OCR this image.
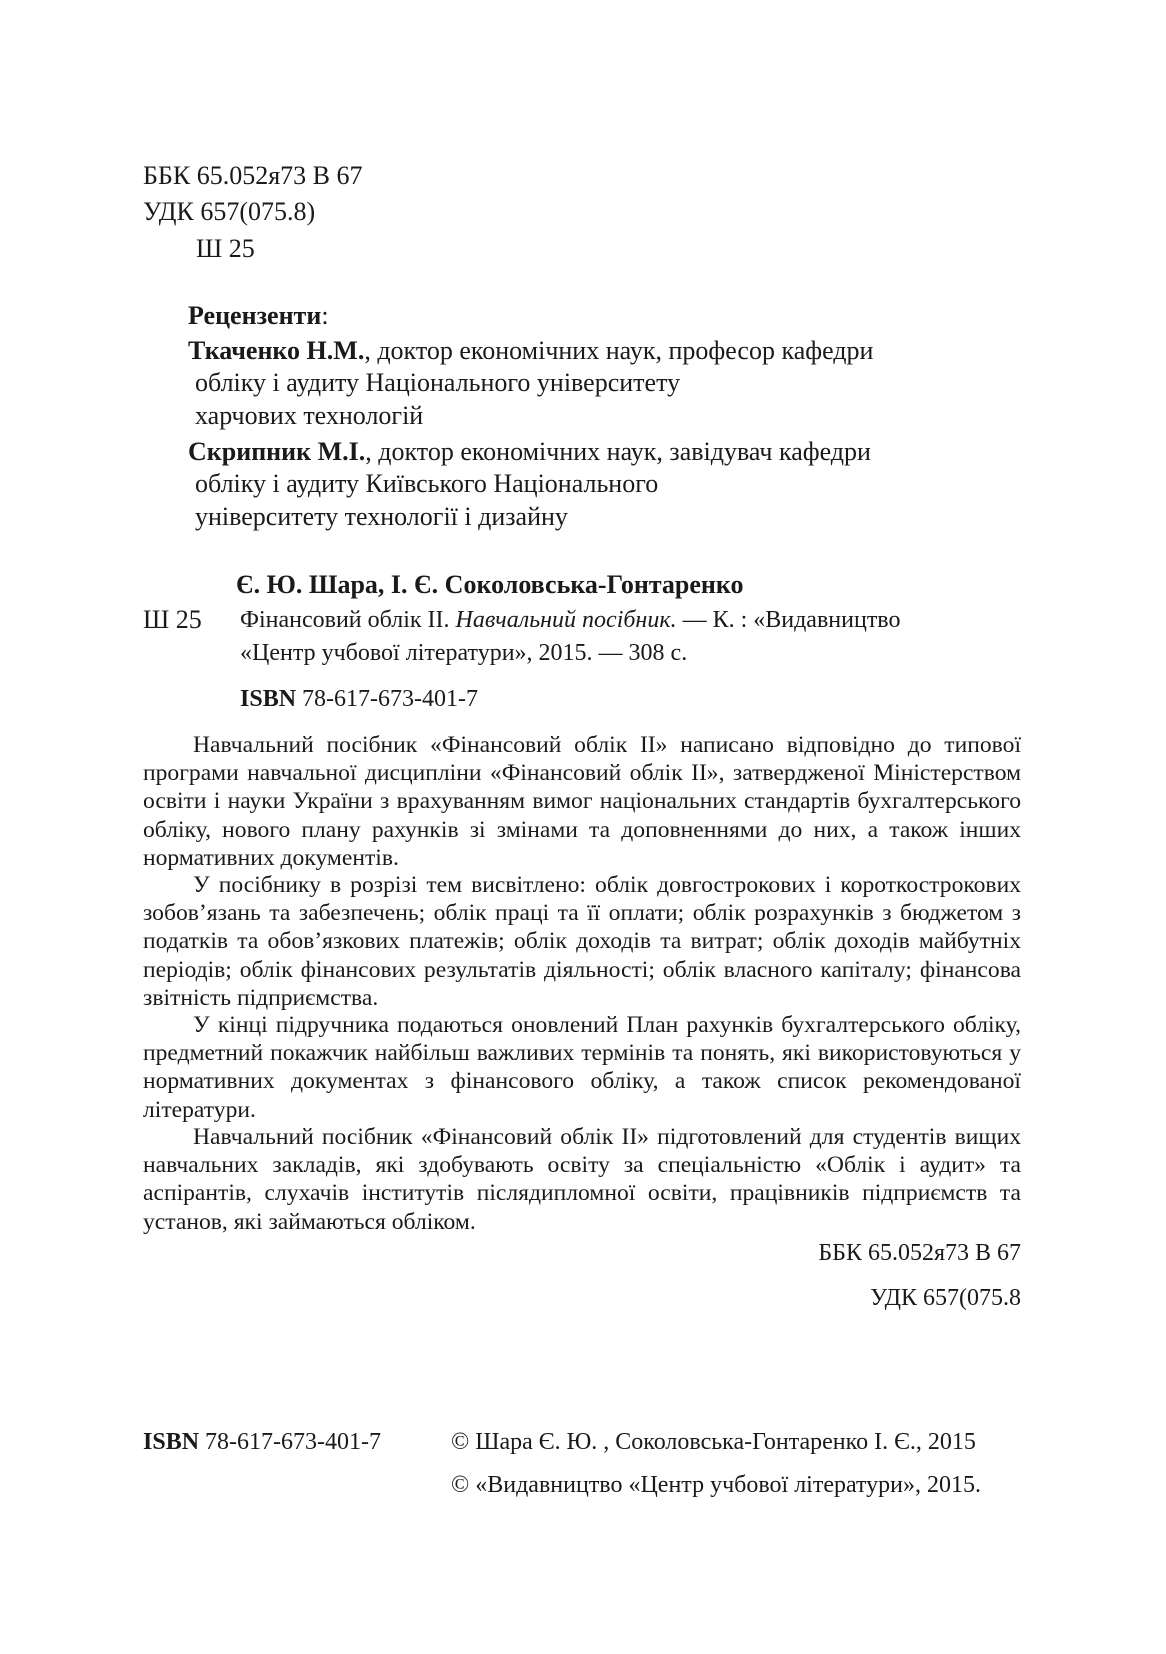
ББК 65.052я73 В 67
УДК 657(075.8)
Ш 25
Рецензенти:
Ткаченко Н.М., доктор економічних наук, професор кафедри
обліку і аудиту Національного університету
харчових технологій
Скрипник М.І., доктор економічних наук, завідувач кафедри
обліку і аудиту Київського Національного
університету технології і дизайну
Є. Ю. Шара, І. Є. Соколовська-Гонтаренко
Ш 25 Фінансовий облік ІІ. Навчальний посібник. — К. : «Видавництво
«Центр учбової літератури», 2015. — 308 с.
ISBN 78-617-673-401-7
Навчальний посібник «Фінансовий облік ІІ» написано відповідно до типової програми навчальної дисципліни «Фінансовий облік ІІ», затвердженої Міністерством освіти і науки України з врахуванням вимог національних стандартів бухгалтерського обліку, нового плану рахунків зі змінами та доповненнями до них, а також інших нормативних документів.
У посібнику в розрізі тем висвітлено: облік довгострокових і короткострокових зобов’язань та забезпечень; облік праці та її оплати; облік розрахунків з бюджетом з податків та обов’язкових платежів; облік доходів та витрат; облік доходів майбутніх періодів; облік фінансових результатів діяльності; облік власного капіталу; фінансова звітність підприємства.
У кінці підручника подаються оновлений План рахунків бухгалтерського обліку, предметний покажчик найбільш важливих термінів та понять, які використовуються у нормативних документах з фінансового обліку, а також список рекомендованої літератури.
Навчальний посібник «Фінансовий облік ІІ» підготовлений для студентів вищих навчальних закладів, які здобувають освіту за спеціальністю «Облік і аудит» та аспірантів, слухачів інститутів післядипломної освіти, працівників підприємств та установ, які займаються обліком.
ББК 65.052я73 В 67
УДК 657(075.8
ISBN 78-617-673-401-7	© Шара Є. Ю. , Соколовська-Гонтаренко І. Є., 2015
© «Видавництво «Центр учбової літератури», 2015.
